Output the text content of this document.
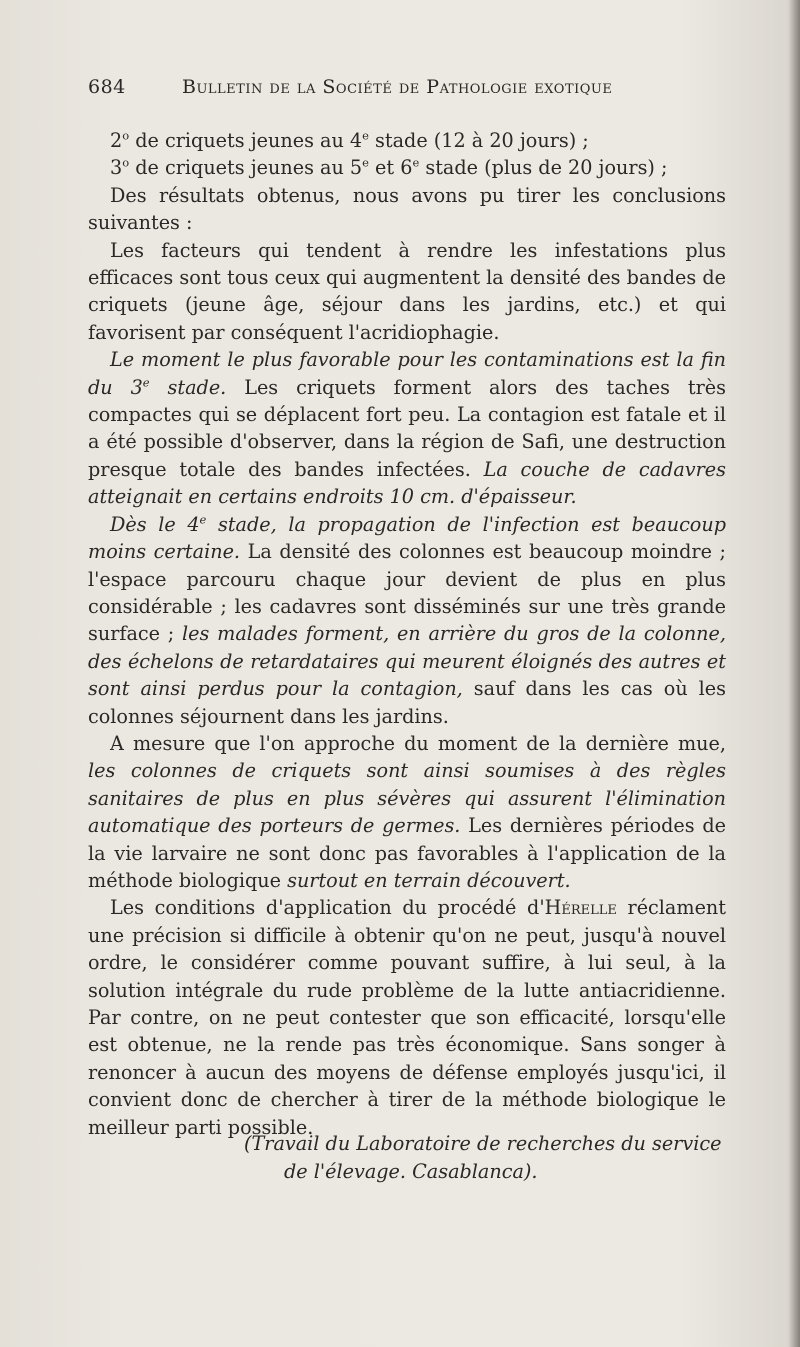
684	Bulletin de la Société de Pathologie exotique

2$^o$ de criquets jeunes au 4e stade (12 à 20 jours) ;

3$^o$ de criquets jeunes au 5e et 6e stade (plus de 20 jours) ;

Des résultats obtenus, nous avons pu tirer les conclusions suivantes :

Les facteurs qui tendent à rendre les infestations plus efficaces sont tous ceux qui augmentent la densité des bandes de criquets (jeune âge, séjour dans les jardins, etc.) et qui favorisent par conséquent l'acridiophagie.

Le moment le plus favorable pour les contaminations est la fin du 3e stade. Les criquets forment alors des taches très compactes qui se déplacent fort peu. La contagion est fatale et il a été possible d'observer, dans la région de Safi, une destruction presque totale des bandes infectées. La couche de cadavres atteignait en certains endroits 10 cm. d'épaisseur.

Dès le 4e stade, la propagation de l'infection est beaucoup moins certaine. La densité des colonnes est beaucoup moindre ; l'espace parcouru chaque jour devient de plus en plus considérable ; les cadavres sont disséminés sur une très grande surface ; les malades forment, en arrière du gros de la colonne, des échelons de retardataires qui meurent éloignés des autres et sont ainsi perdus pour la contagion, sauf dans les cas où les colonnes séjournent dans les jardins.

A mesure que l'on approche du moment de la dernière mue, les colonnes de criquets sont ainsi soumises à des règles sanitaires de plus en plus sévères qui assurent l'élimination automatique des porteurs de germes. Les dernières périodes de la vie larvaire ne sont donc pas favorables à l'application de la méthode biologique surtout en terrain découvert.

Les conditions d'application du procédé d'Hérelle réclament une précision si difficile à obtenir qu'on ne peut, jusqu'à nouvel ordre, le considérer comme pouvant suffire, à lui seul, à la solution intégrale du rude problème de la lutte antiacridienne. Par contre, on ne peut contester que son efficacité, lorsqu'elle est obtenue, ne la rende pas très économique. Sans songer à renoncer à aucun des moyens de défense employés jusqu'ici, il convient donc de chercher à tirer de la méthode biologique le meilleur parti possible.

(Travail du Laboratoire de recherches du service
de l'élevage. Casablanca).
